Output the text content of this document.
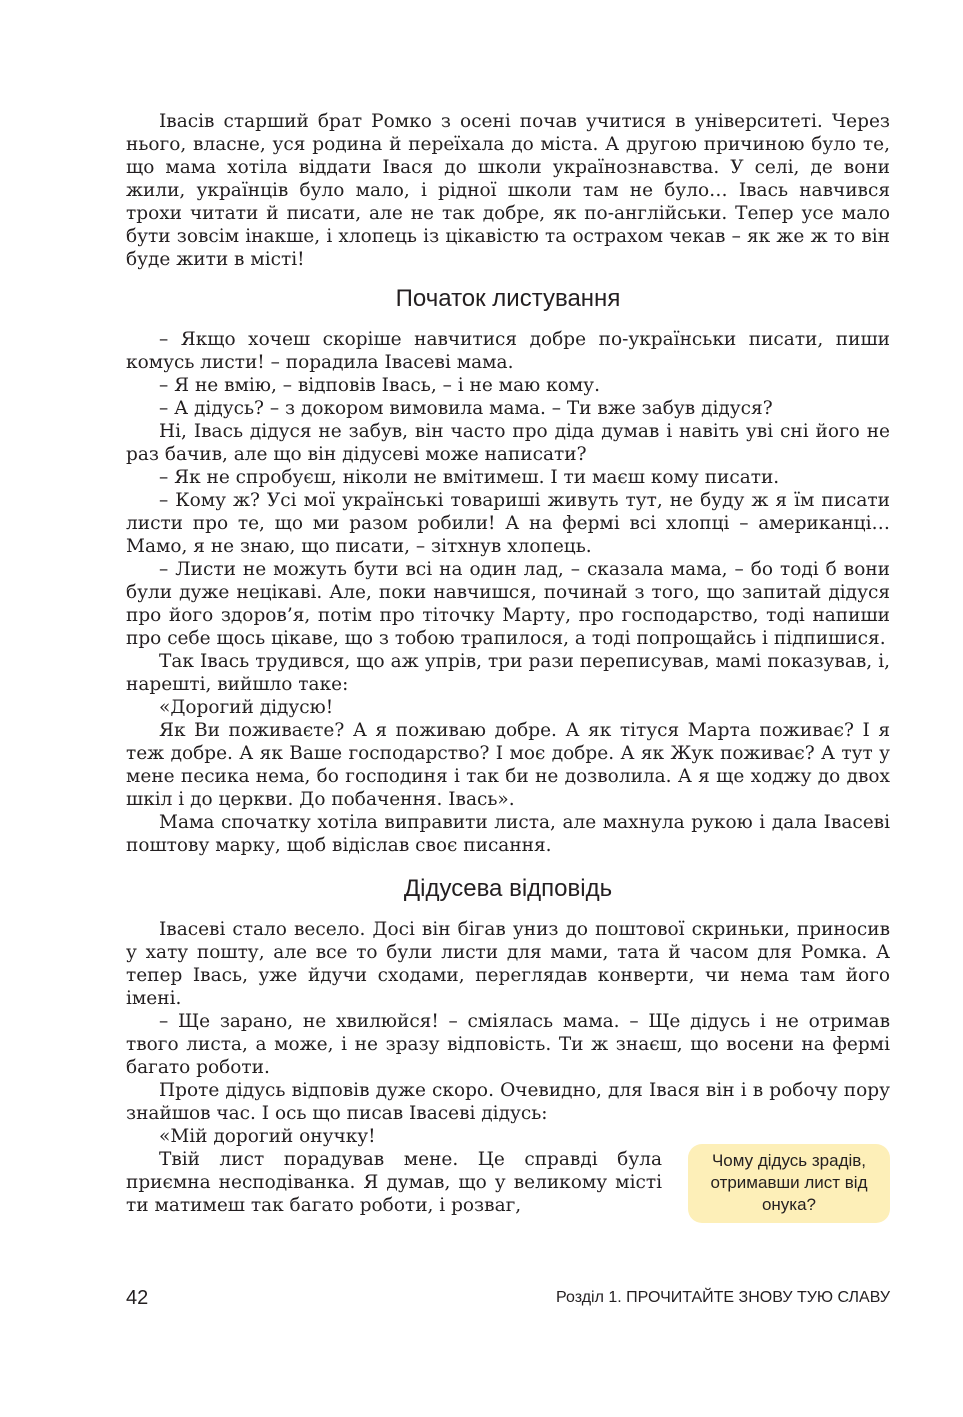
Івасів старший брат Ромко з осені почав учитися в університеті. Через нього, власне, уся родина й переїхала до міста. А другою причиною було те, що мама хотіла віддати Івася до школи українознавства. У селі, де вони жили, українців було мало, і рідної школи там не було… Івась навчився трохи читати й писати, але не так добре, як по-англійськи. Тепер усе мало бути зовсім інакше, і хлопець із цікавістю та острахом чекав – як же ж то він буде жити в місті!

Початок листування

– Якщо хочеш скоріше навчитися добре по-українськи писати, пиши комусь листи! – порадила Івасеві мама.

– Я не вмію, – відповів Івась, – і не маю кому.

– А дідусь? – з докором вимовила мама. – Ти вже забув дідуся?

Ні, Івась дідуся не забув, він часто про діда думав і навіть уві сні його не раз бачив, але що він дідусеві може написати?

– Як не спробуєш, ніколи не вмітимеш. І ти маєш кому писати.

– Кому ж? Усі мої українські товариші живуть тут, не буду ж я їм писати листи про те, що ми разом робили! А на фермі всі хлопці – американці… Мамо, я не знаю, що писати, – зітхнув хлопець.

– Листи не можуть бути всі на один лад, – сказала мама, – бо тоді б вони були дуже нецікаві. Але, поки навчишся, починай з того, що запитай дідуся про його здоров’я, потім про тіточку Марту, про господарство, тоді напиши про себе щось цікаве, що з тобою трапилося, а тоді попрощайсь і підпишися.

Так Івась трудився, що аж упрів, три рази переписував, мамі показував, і, нарешті, вийшло таке:

«Дорогий дідусю!

Як Ви поживаєте? А я поживаю добре. А як тітуся Марта поживає? І я теж добре. А як Ваше господарство? І моє добре. А як Жук поживає? А тут у мене песика нема, бо господиня і так би не дозволила. А я ще ходжу до двох шкіл і до церкви. До побачення. Івась».

Мама спочатку хотіла виправити листа, але махнула рукою і дала Івасеві поштову марку, щоб відіслав своє писання.

Дідусева відповідь

Івасеві стало весело. Досі він бігав униз до поштової скриньки, приносив у хату пошту, але все то були листи для мами, тата й часом для Ромка. А тепер Івась, уже йдучи сходами, переглядав конверти, чи нема там його імені.

– Ще зарано, не хвилюйся! – сміялась мама. – Ще дідусь і не отримав твого листа, а може, і не зразу відповість. Ти ж знаєш, що восени на фермі багато роботи.

Проте дідусь відповів дуже скоро. Очевидно, для Івася він і в робочу пору знайшов час. І ось що писав Івасеві дідусь:

«Мій дорогий онучку!

Твій лист порадував мене. Це справді була приємна несподіванка. Я думав, що у великому місті ти матимеш так багато роботи, і розваг,

Чому дідусь зрадів, отримавши лист від онука?
42	Розділ 1. ПРОЧИТАЙТЕ ЗНОВУ ТУЮ СЛАВУ
